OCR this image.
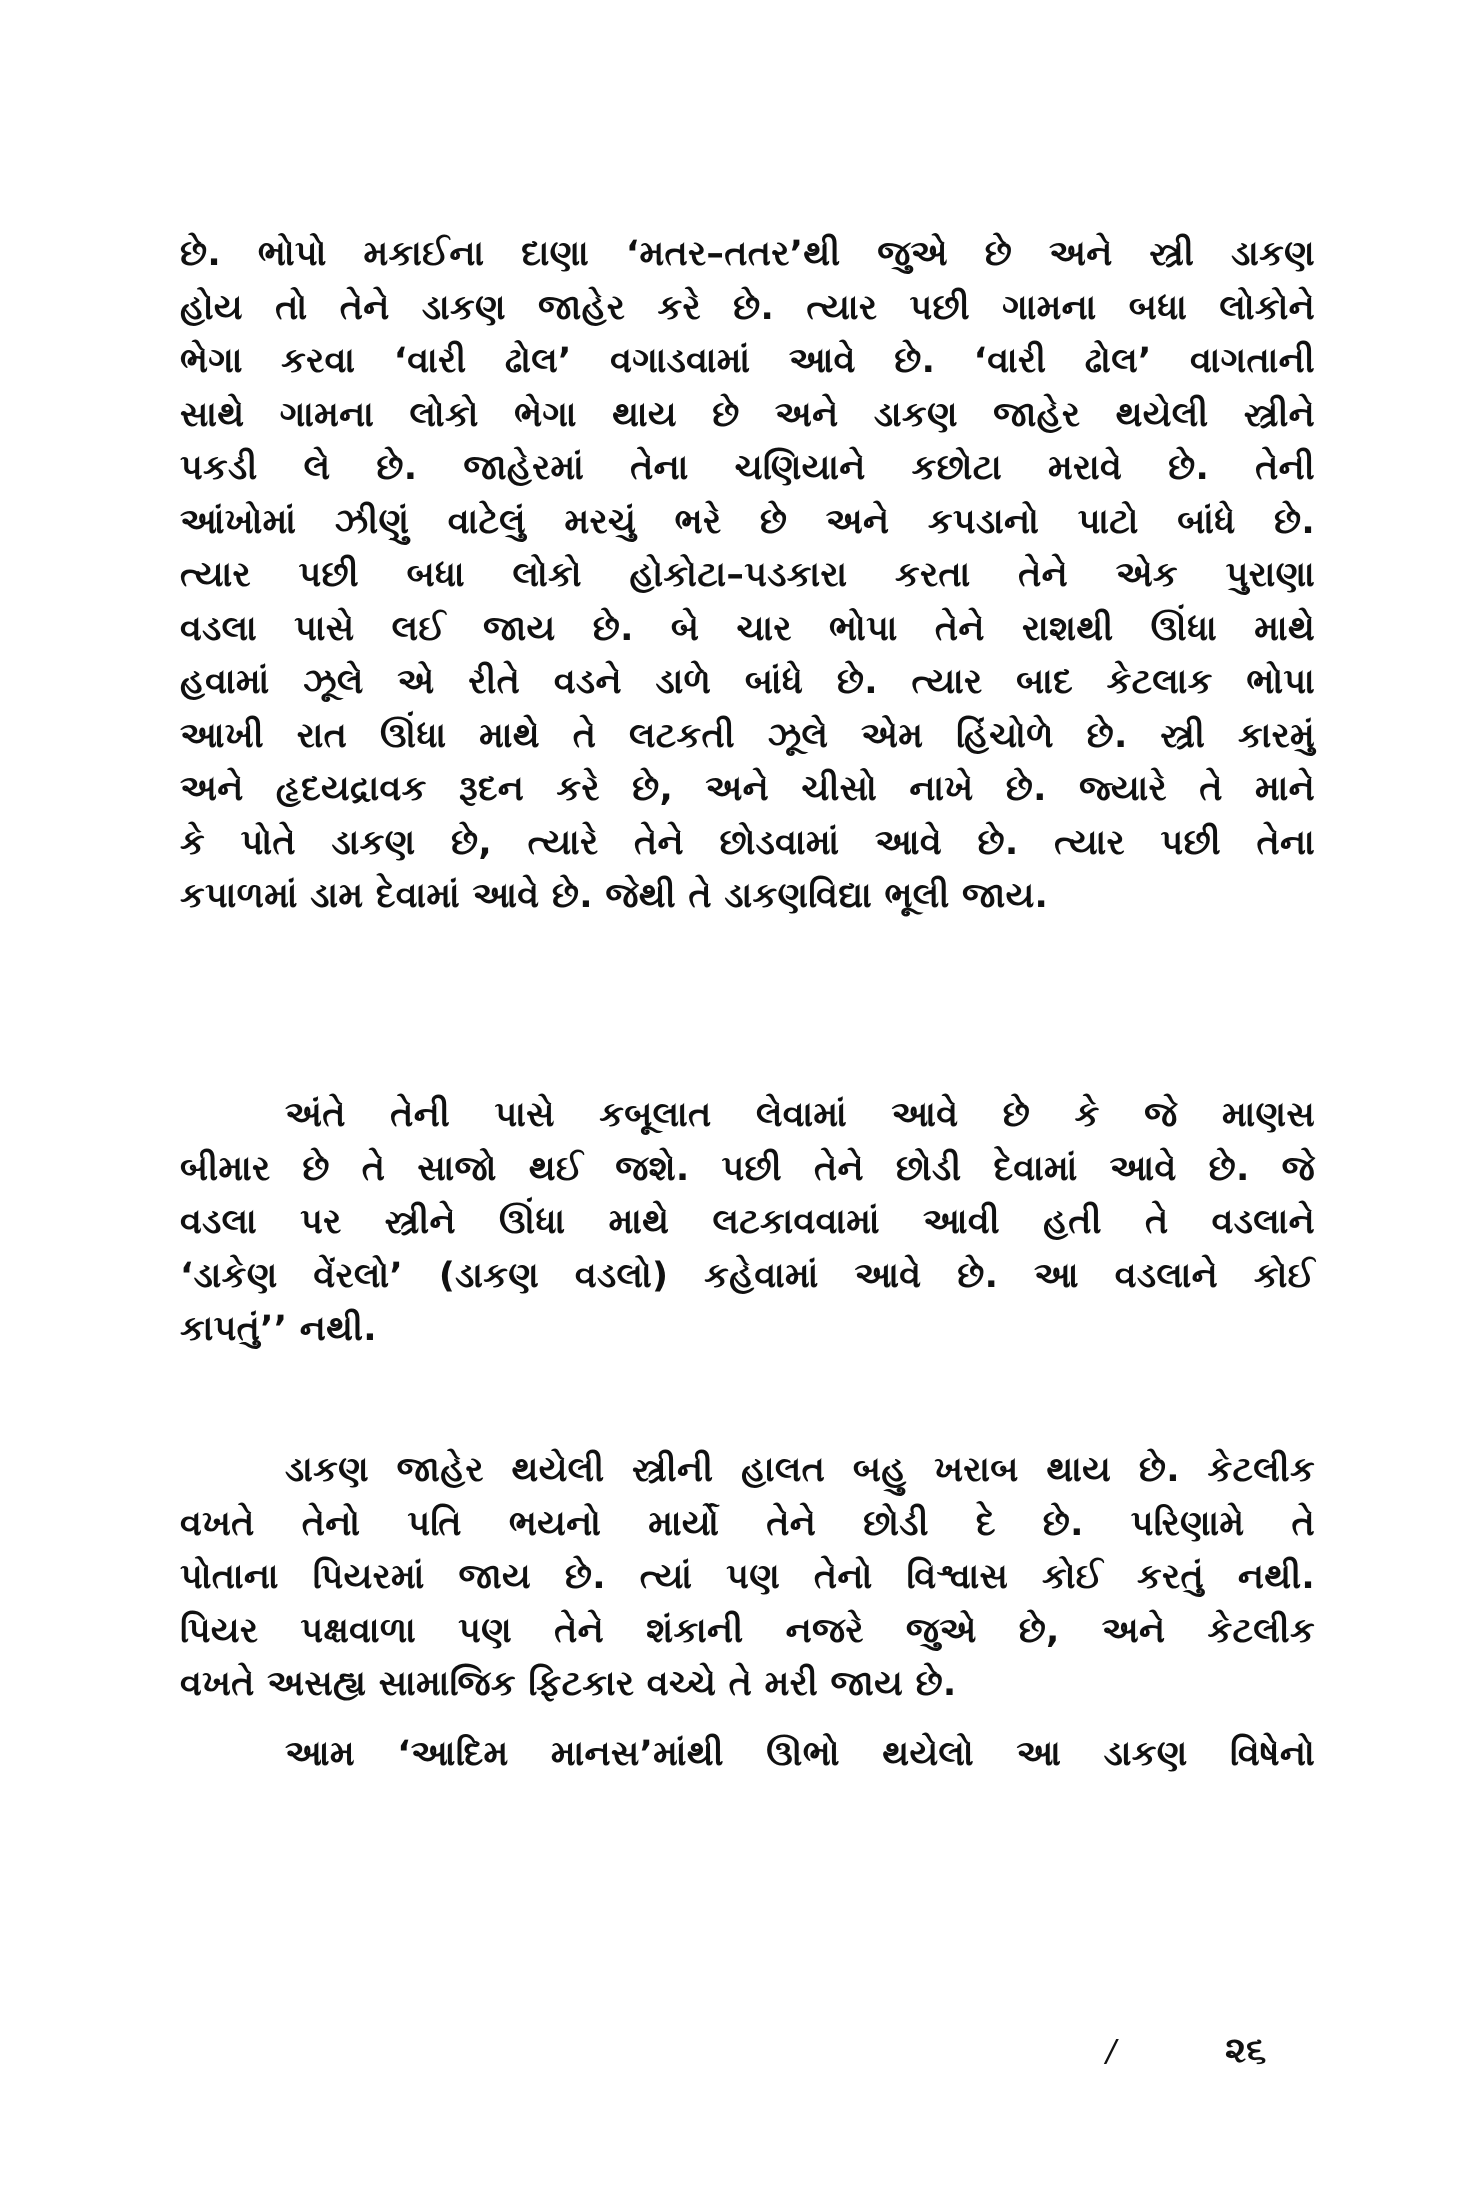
છે. ભોપો મકાઈના દાણા ‘મતર–તતર’થી જુએ છે અને સ્ત્રી ડાકણ
હોય તો તેને ડાકણ જાહેર કરે છે. ત્યાર પછી ગામના બધા લોકોને
ભેગા કરવા ‘વારી ઢોલ’ વગાડવામાં આવે છે. ‘વારી ઢોલ’ વાગતાની
સાથે ગામના લોકો ભેગા થાય છે અને ડાકણ જાહેર થયેલી સ્ત્રીને
પકડી લે છે. જાહેરમાં તેના ચણિયાને કછોટા મરાવે છે. તેની
આંખોમાં ઝીણું વાટેલું મરચું ભરે છે અને કપડાનો પાટો બાંધે છે.
ત્યાર પછી બધા લોકો હોકોટા–પડકારા કરતા તેને એક પુરાણા
વડલા પાસે લઈ જાય છે. બે ચાર ભોપા તેને રાશથી ઊંધા માથે
હવામાં ઝૂલે એ રીતે વડને ડાળે બાંધે છે. ત્યાર બાદ કેટલાક ભોપા
આખી રાત ઊંધા માથે તે લટકતી ઝૂલે એમ હિંચોળે છે. સ્ત્રી કારમું
અને હૃદયદ્રાવક રૂદન કરે છે, અને ચીસો નાખે છે. જ્યારે તે માને
કે પોતે ડાકણ છે, ત્યારે તેને છોડવામાં આવે છે. ત્યાર પછી તેના
કપાળમાં ડામ દેવામાં આવે છે. જેથી તે ડાકણવિદ્યા ભૂલી જાય.
અંતે તેની પાસે કબૂલાત લેવામાં આવે છે કે જે માણસ
બીમાર છે તે સાજો થઈ જશે. પછી તેને છોડી દેવામાં આવે છે. જે
વડલા પર સ્ત્રીને ઊંધા માથે લટકાવવામાં આવી હતી તે વડલાને
‘ડાકેણ વેંરલો’ (ડાકણ વડલો) કહેવામાં આવે છે. આ વડલાને કોઈ
કાપતું’’ નથી.
ડાકણ જાહેર થયેલી સ્ત્રીની હાલત બહુ ખરાબ થાય છે. કેટલીક
વખતે તેનો પતિ ભયનો માર્યો તેને છોડી દે છે. પરિણામે તે
પોતાના પિયરમાં જાય છે. ત્યાં પણ તેનો વિશ્વાસ કોઈ કરતું નથી.
પિયર પક્ષવાળા પણ તેને શંકાની નજરે જુએ છે, અને કેટલીક
વખતે અસહ્ય સામાજિક ફિટકાર વચ્ચે તે મરી જાય છે.
આમ ‘આદિમ માનસ’માંથી ઊભો થયેલો આ ડાકણ વિષેનો
/	૨૬
